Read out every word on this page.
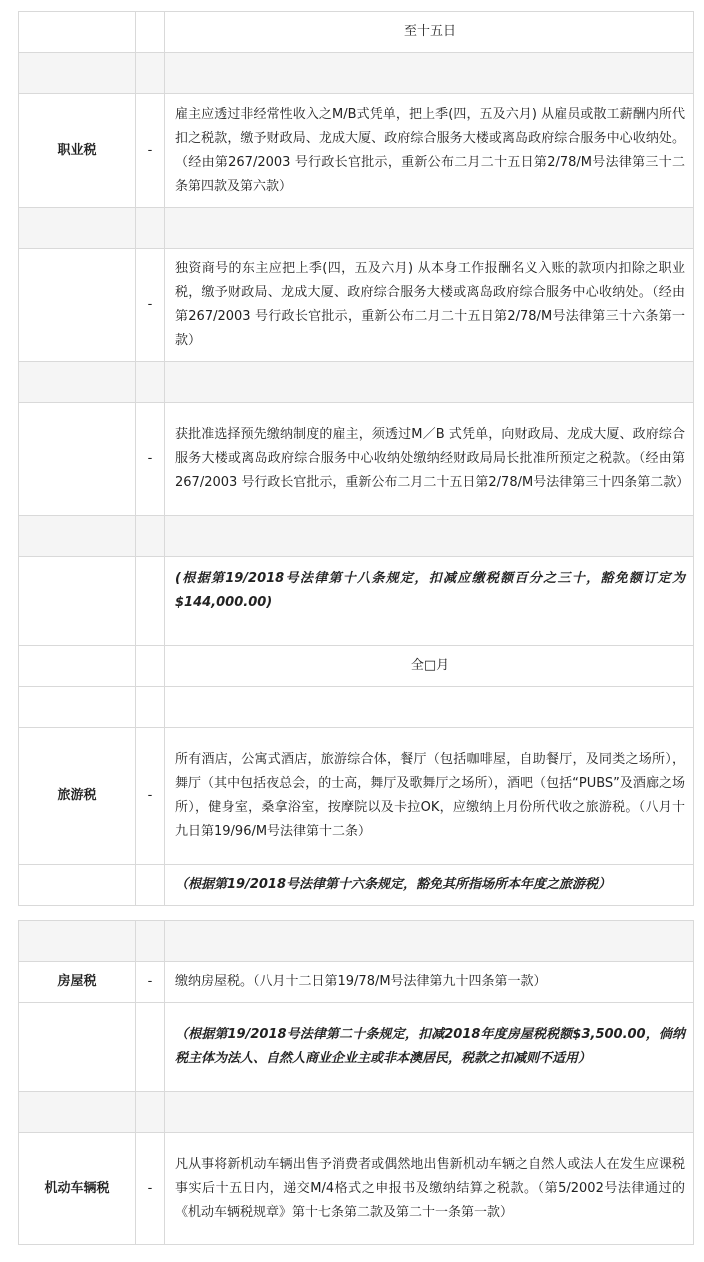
		至十五日

职业税	-	雇主应透过非经常性收入之M/B式凭单，把上季(四，五及六月) 从雇员或散工薪酬内所代扣之税款，缴予财政局、龙成大厦、政府综合服务大楼或离岛政府综合服务中心收纳处。（经由第267/2003 号行政长官批示，重新公布二月二十五日第2/78/M号法律第三十二条第四款及第六款）

	-	独资商号的东主应把上季(四，五及六月) 从本身工作报酬名义入账的款项内扣除之职业税，缴予财政局、龙成大厦、政府综合服务大楼或离岛政府综合服务中心收纳处。（经由第267/2003 号行政长官批示，重新公布二月二十五日第2/78/M号法律第三十六条第一款）

	-	获批准选择预先缴纳制度的雇主，须透过M／B 式凭单，向财政局、龙成大厦、政府综合服务大楼或离岛政府综合服务中心收纳处缴纳经财政局局长批准所预定之税款。（经由第267/2003 号行政长官批示，重新公布二月二十五日第2/78/M号法律第三十四条第二款）

		(根据第19/2018号法律第十八条规定，扣减应缴税额百分之三十，豁免额订定为$144,000.00)
		全□月

旅游税	-	所有酒店，公寓式酒店，旅游综合体，餐厅（包括咖啡屋，自助餐厅，及同类之场所），舞厅（其中包括夜总会，的士高，舞厅及歌舞厅之场所），酒吧（包括“PUBS”及酒廊之场所），健身室，桑拿浴室，按摩院以及卡拉OK，应缴纳上月份所代收之旅游税。（八月十九日第19/96/M号法律第十二条）
		（根据第19/2018号法律第十六条规定，豁免其所指场所本年度之旅游税）

房屋税	-	缴纳房屋税。（八月十二日第19/78/M号法律第九十四条第一款）
		（根据第19/2018号法律第二十条规定，扣减2018年度房屋税税额$3,500.00，倘纳税主体为法人、自然人商业企业主或非本澳居民，税款之扣减则不适用）

机动车辆税	-	凡从事将新机动车辆出售予消费者或偶然地出售新机动车辆之自然人或法人在发生应课税事实后十五日内，递交M/4格式之申报书及缴纳结算之税款。（第5/2002号法律通过的《机动车辆税规章》第十七条第二款及第二十一条第一款）
